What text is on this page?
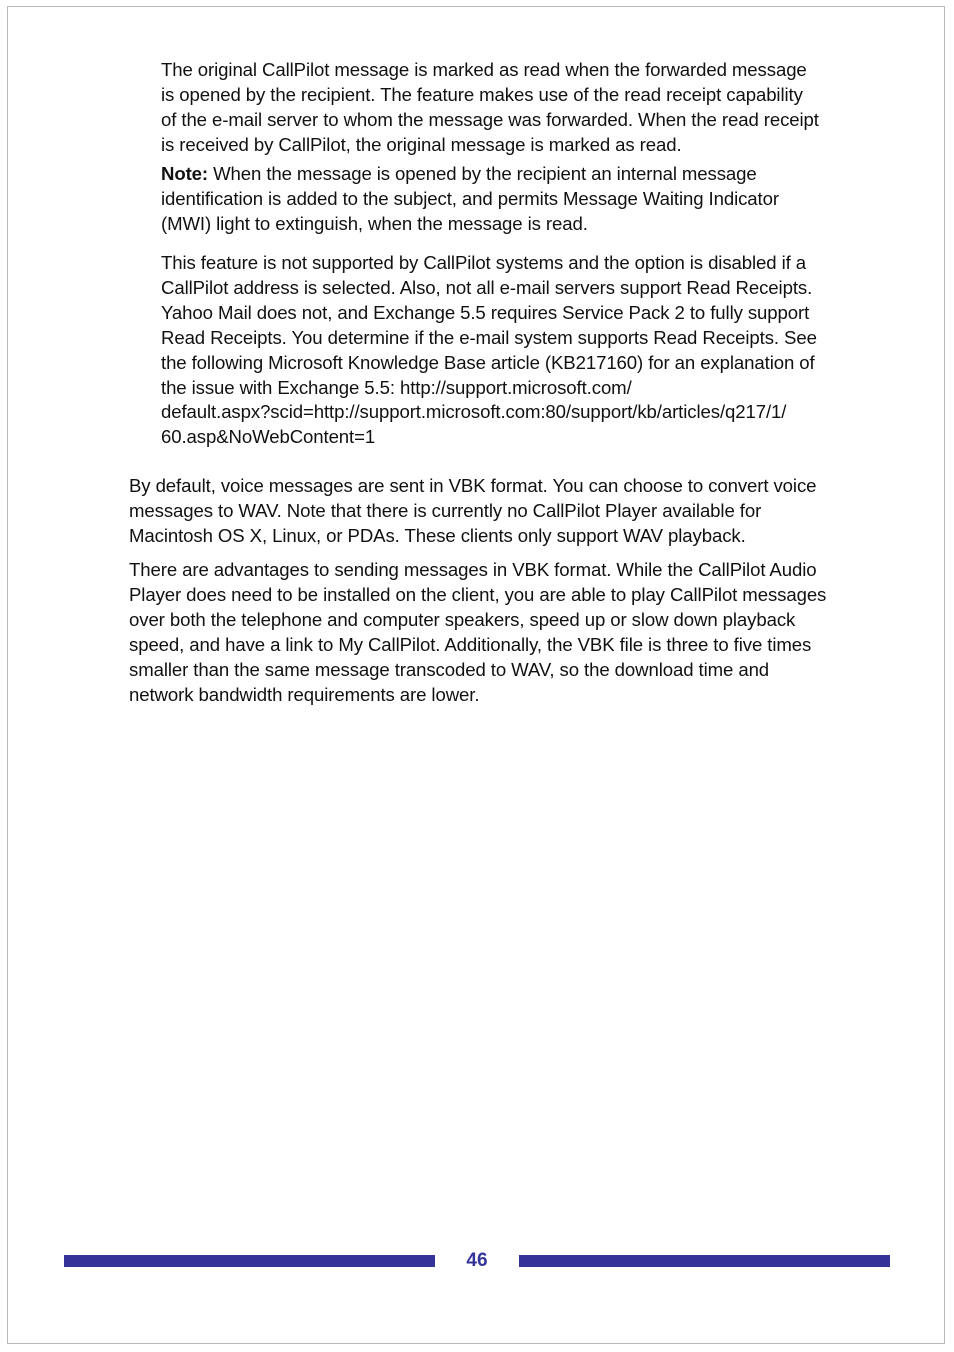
The original CallPilot message is marked as read when the forwarded message
is opened by the recipient. The feature makes use of the read receipt capability
of the e-mail server to whom the message was forwarded. When the read receipt
is received by CallPilot, the original message is marked as read.

Note: When the message is opened by the recipient an internal message
identification is added to the subject, and permits Message Waiting Indicator
(MWI) light to extinguish, when the message is read.

This feature is not supported by CallPilot systems and the option is disabled if a
CallPilot address is selected. Also, not all e-mail servers support Read Receipts.
Yahoo Mail does not, and Exchange 5.5 requires Service Pack 2 to fully support
Read Receipts. You determine if the e-mail system supports Read Receipts. See
the following Microsoft Knowledge Base article (KB217160) for an explanation of
the issue with Exchange 5.5: http://support.microsoft.com/
default.aspx?scid=http://support.microsoft.com:80/support/kb/articles/q217/1/
60.asp&NoWebContent=1

By default, voice messages are sent in VBK format. You can choose to convert voice
messages to WAV. Note that there is currently no CallPilot Player available for
Macintosh OS X, Linux, or PDAs. These clients only support WAV playback.

There are advantages to sending messages in VBK format. While the CallPilot Audio
Player does need to be installed on the client, you are able to play CallPilot messages
over both the telephone and computer speakers, speed up or slow down playback
speed, and have a link to My CallPilot. Additionally, the VBK file is three to five times
smaller than the same message transcoded to WAV, so the download time and
network bandwidth requirements are lower.

46
